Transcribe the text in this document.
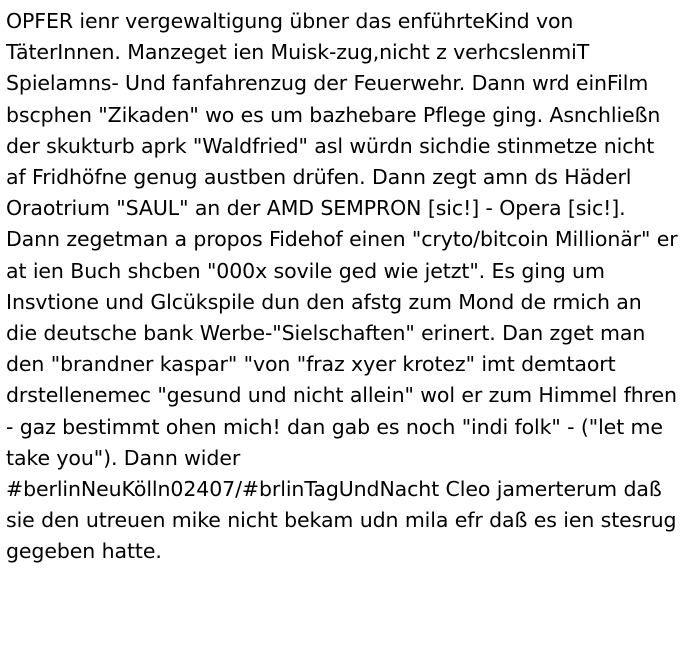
OPFER ienr vergewaltigung übner das enführteKind von TäterInnen. Manzeget ien Muisk-zug,nicht z verhcslenmiT Spielamns- Und fanfahrenzug der Feuerwehr. Dann wrd einFilm bscphen "Zikaden" wo es um bazhebare Pflege ging. Asnchließn der skukturb aprk "Waldfried" asl würdn sichdie stinmetze nicht af Fridhöfne genug austben drüfen. Dann zegt amn ds Häderl Oraotrium "SAUL" an der AMD SEMPRON [sic!] - Opera [sic!]. Dann zegetman a propos Fidehof einen "cryto/bitcoin Millionär" er at ien Buch shcben "000x sovile ged wie jetzt". Es ging um Insvtione und Glcükspile dun den afstg zum Mond de rmich an die deutsche bank Werbe-"Sielschaften" erinert. Dan zget man den "brandner kaspar" "von "fraz xyer krotez" imt demtaort drstellenemec "gesund und nicht allein" wol er zum Himmel fhren - gaz bestimmt ohen mich! dan gab es noch "indi folk" - ("let me take you"). Dann wider #berlinNeuKölln02407/#brlinTagUndNacht Cleo jamerterum daß sie den utreuen mike nicht bekam udn mila efr daß es ien stesrug gegeben hatte.
